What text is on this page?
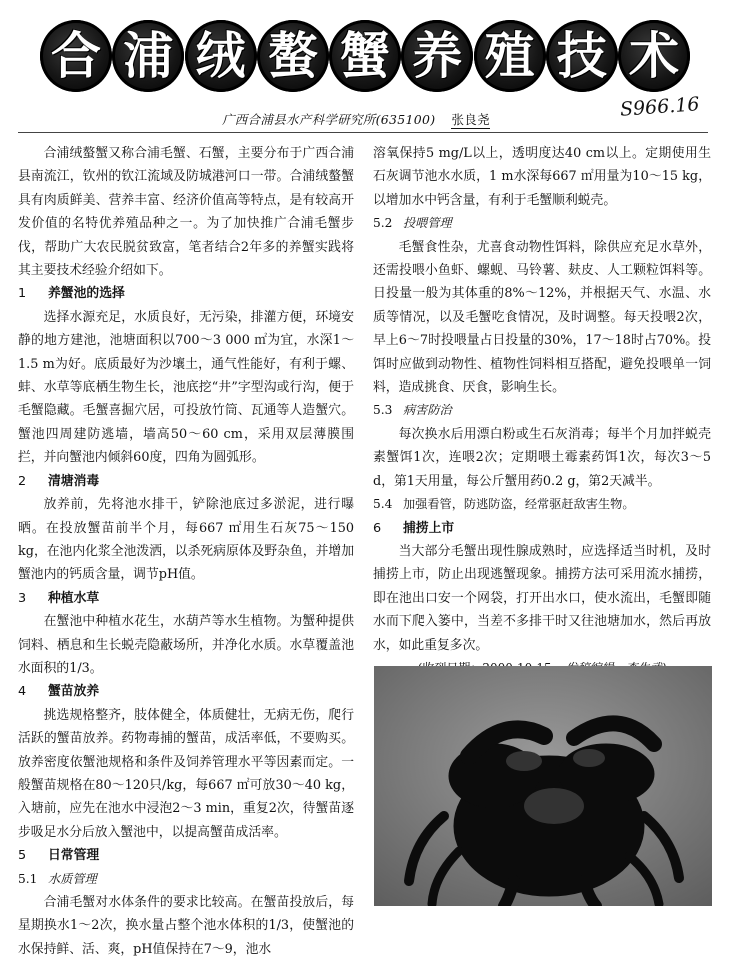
合 浦 绒 螯 蟹 养 殖 技 术
广西合浦县水产科学研究所(635100) 张良尧	S966.16

合浦绒螯蟹又称合浦毛蟹、石蟹，主要分布于广西合浦县南流江，钦州的钦江流域及防城港河口一带。合浦绒螯蟹具有肉质鲜美、营养丰富、经济价值高等特点，是有较高开发价值的名特优养殖品种之一。为了加快推广合浦毛蟹步伐，帮助广大农民脱贫致富，笔者结合2年多的养蟹实践将其主要技术经验介绍如下。

1 养蟹池的选择

选择水源充足，水质良好，无污染，排灌方便，环境安静的地方建池，池塘面积以700～3 000 ㎡为宜，水深1～1.5 m为好。底质最好为沙壤土，通气性能好，有利于螺、蚌、水草等底栖生物生长，池底挖“井”字型沟或行沟，便于毛蟹隐藏。毛蟹喜掘穴居，可投放竹筒、瓦通等人造蟹穴。蟹池四周建防逃墙，墙高50～60 cm，采用双层薄膜围拦，并向蟹池内倾斜60度，四角为圆弧形。

2 清塘消毒

放养前，先将池水排干，铲除池底过多淤泥，进行曝晒。在投放蟹苗前半个月，每667 ㎡用生石灰75～150 kg，在池内化浆全池泼洒，以杀死病原体及野杂鱼，并增加蟹池内的钙质含量，调节pH值。

3 种植水草

在蟹池中种植水花生，水葫芦等水生植物。为蟹种提供饲料、栖息和生长蜕壳隐蔽场所，并净化水质。水草覆盖池水面积的1/3。

4 蟹苗放养

挑选规格整齐，肢体健全，体质健壮，无病无伤，爬行活跃的蟹苗放养。药物毒捕的蟹苗，成活率低，不要购买。放养密度依蟹池规格和条件及饲养管理水平等因素而定。一般蟹苗规格在80～120只/kg，每667 ㎡可放30～40 kg，入塘前，应先在池水中浸泡2～3 min，重复2次，待蟹苗逐步吸足水分后放入蟹池中，以提高蟹苗成活率。

5 日常管理

5.1 水质管理

合浦毛蟹对水体条件的要求比较高。在蟹苗投放后，每星期换水1～2次，换水量占整个池水体积的1/3，使蟹池的水保持鲜、活、爽，pH值保持在7～9，池水

溶氧保持5 mg/L以上，透明度达40 cm以上。定期使用生石灰调节池水水质，1 m水深每667 ㎡用量为10～15 kg，以增加水中钙含量，有利于毛蟹顺利蜕壳。

5.2 投喂管理

毛蟹食性杂，尤喜食动物性饵料，除供应充足水草外，还需投喂小鱼虾、螺蚬、马铃薯、麸皮、人工颗粒饵料等。日投量一般为其体重的8%～12%，并根据天气、水温、水质等情况，以及毛蟹吃食情况，及时调整。每天投喂2次，早上6～7时投喂量占日投量的30%，17～18时占70%。投饵时应做到动物性、植物性饲料相互搭配，避免投喂单一饲料，造成挑食、厌食，影响生长。

5.3 病害防治

每次换水后用漂白粉或生石灰消毒；每半个月加拌蜕壳素蟹饵1次，连喂2次；定期喂土霉素药饵1次，每次3～5 d，第1天用量，每公斤蟹用药0.2 g，第2天减半。

5.4 加强看管，防逃防盗，经常驱赶敌害生物。

6 捕捞上市

当大部分毛蟹出现性腺成熟时，应选择适当时机，及时捕捞上市，防止出现逃蟹现象。捕捞方法可采用流水捕捞，即在池出口安一个网袋，打开出水口，使水流出，毛蟹即随水而下爬入篓中，当差不多排干时又往池塘加水，然后再放水，如此重复多次。
